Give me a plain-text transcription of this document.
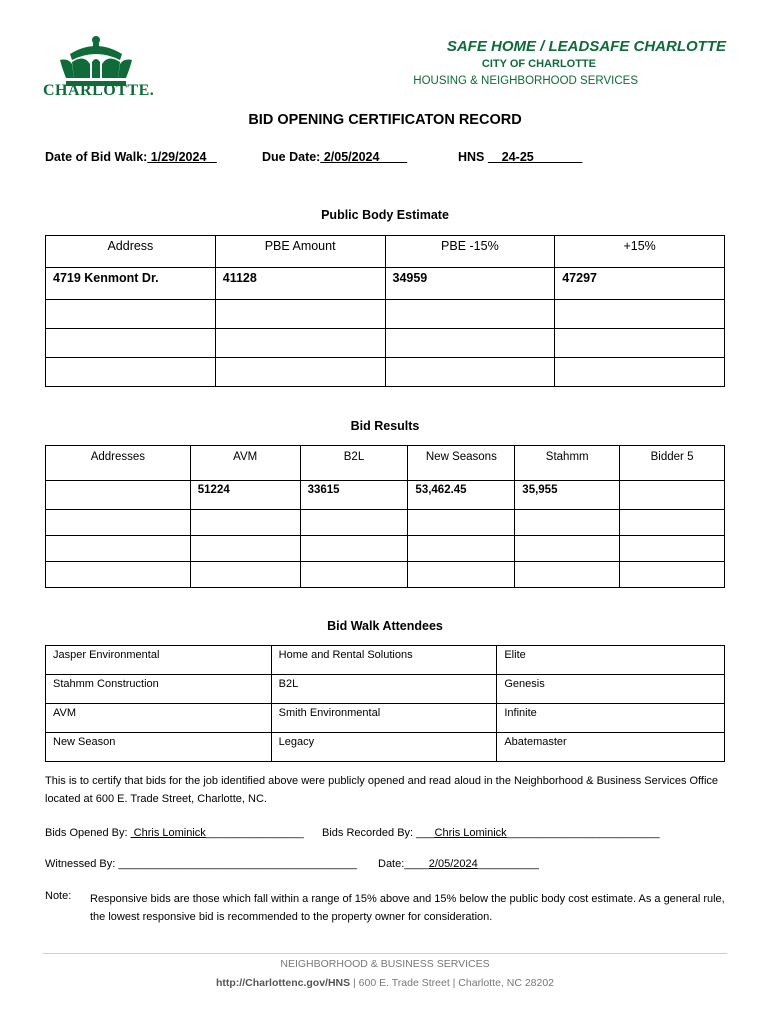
CHARLOTTE.
SAFE HOME / LEADSAFE CHARLOTTE
CITY OF CHARLOTTE
HOUSING & NEIGHBORHOOD SERVICES
BID OPENING CERTIFICATON RECORD
Date of Bid Walk: 1/29/2024	Due Date: 2/05/2024	HNS     24-25
Public Body Estimate
Address	PBE Amount	PBE -15%	+15%
4719 Kenmont Dr.	41128	34959	47297

Bid Results
Addresses	AVM	B2L	New Seasons	Stahmm	Bidder 5
	51224	33615	53,462.45	35,955	

Bid Walk Attendees
Jasper Environmental	Home and Rental Solutions	Elite
Stahmm Construction	B2L	Genesis
AVM	Smith Environmental	Infinite
New Season	Legacy	Abatemaster
This is to certify that bids for the job identified above were publicly opened and read aloud in the Neighborhood & Business Services Office located at 600 E. Trade Street, Charlotte, NC.
Bids Opened By:  Chris Lominick________________ Bids Recorded By: ___Chris Lominick_________________________
Witnessed By: _______________________________________ Date:____2/05/2024__________
Note: Responsive bids are those which fall within a range of 15% above and 15% below the public body cost estimate. As a general rule, the lowest responsive bid is recommended to the property owner for consideration.
NEIGHBORHOOD & BUSINESS SERVICES
http://Charlottenc.gov/HNS | 600 E. Trade Street | Charlotte, NC 28202
